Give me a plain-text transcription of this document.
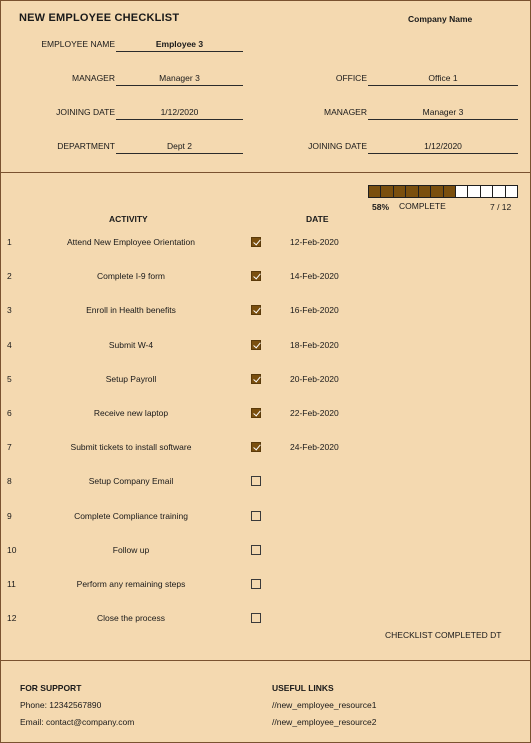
NEW EMPLOYEE CHECKLIST	Company Name
EMPLOYEE NAME	Employee 3
MANAGER	Manager 3
JOINING DATE	1/12/2020
DEPARTMENT	Dept 2
OFFICE	Office 1
MANAGER	Manager 3
JOINING DATE	1/12/2020
58% COMPLETE	7 / 12
ACTIVITY	DATE
1	Attend New Employee Orientation	12-Feb-2020
2	Complete I-9 form	14-Feb-2020
3	Enroll in Health benefits	16-Feb-2020
4	Submit W-4	18-Feb-2020
5	Setup Payroll	20-Feb-2020
6	Receive new laptop	22-Feb-2020
7	Submit tickets to install software	24-Feb-2020
8	Setup Company Email
9	Complete Compliance training
10	Follow up
11	Perform any remaining steps
12	Close the process
CHECKLIST COMPLETED DT
FOR SUPPORT
Phone: 12342567890
Email: contact@company.com
USEFUL LINKS
//new_employee_resource1
//new_employee_resource2
